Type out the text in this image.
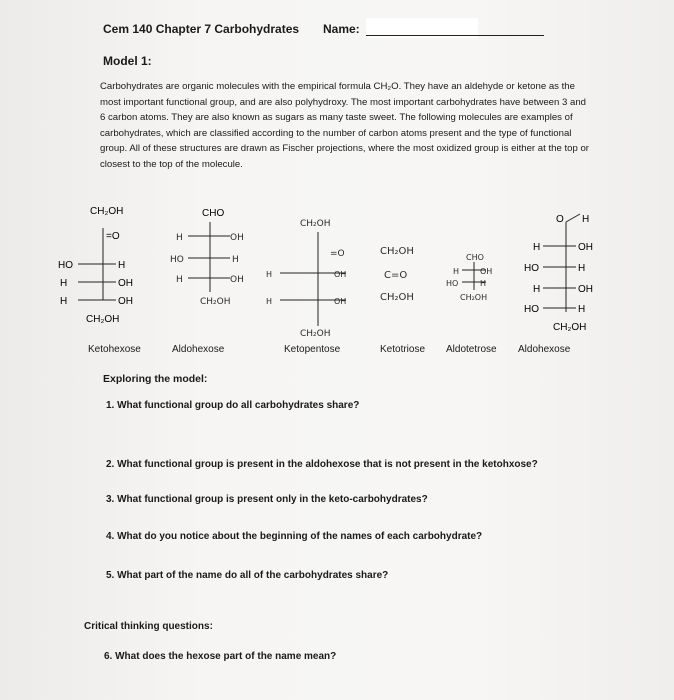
Cem 140 Chapter 7 Carbohydrates Name:
Model 1:
Carbohydrates are organic molecules with the empirical formula CH₂O. They have an aldehyde or ketone as the most important functional group, and are also polyhydroxy. The most important carbohydrates have between 3 and 6 carbon atoms. They are also known as sugars as many taste sweet. The following molecules are examples of carbohydrates, which are classified according to the number of carbon atoms present and the type of functional group. All of these structures are drawn as Fischer projections, where the most oxidized group is either at the top or closest to the top of the molecule.
CH₂OH
=O
HO
H
H
H
OH
OH
CH₂OH
CHO
H
HO
H
OH
H
OH
CH₂OH
CH₂OH
=O
H
H
OH
OH
CH₂OH
CH₂OH
C=O
CH₂OH
CHO
H
HO
OH
H
CH₂OH
O H
H
HO
H
HO
OH
H
OH
H
CH₂OH
Ketohexose	Aldohexose	Ketopentose	Ketotriose Aldotetrose Aldohexose
Exploring the model:
1. What functional group do all carbohydrates share?
2. What functional group is present in the aldohexose that is not present in the ketohxose?
3. What functional group is present only in the keto-carbohydrates?
4. What do you notice about the beginning of the names of each carbohydrate?
5. What part of the name do all of the carbohydrates share?
Critical thinking questions:
6. What does the hexose part of the name mean?
